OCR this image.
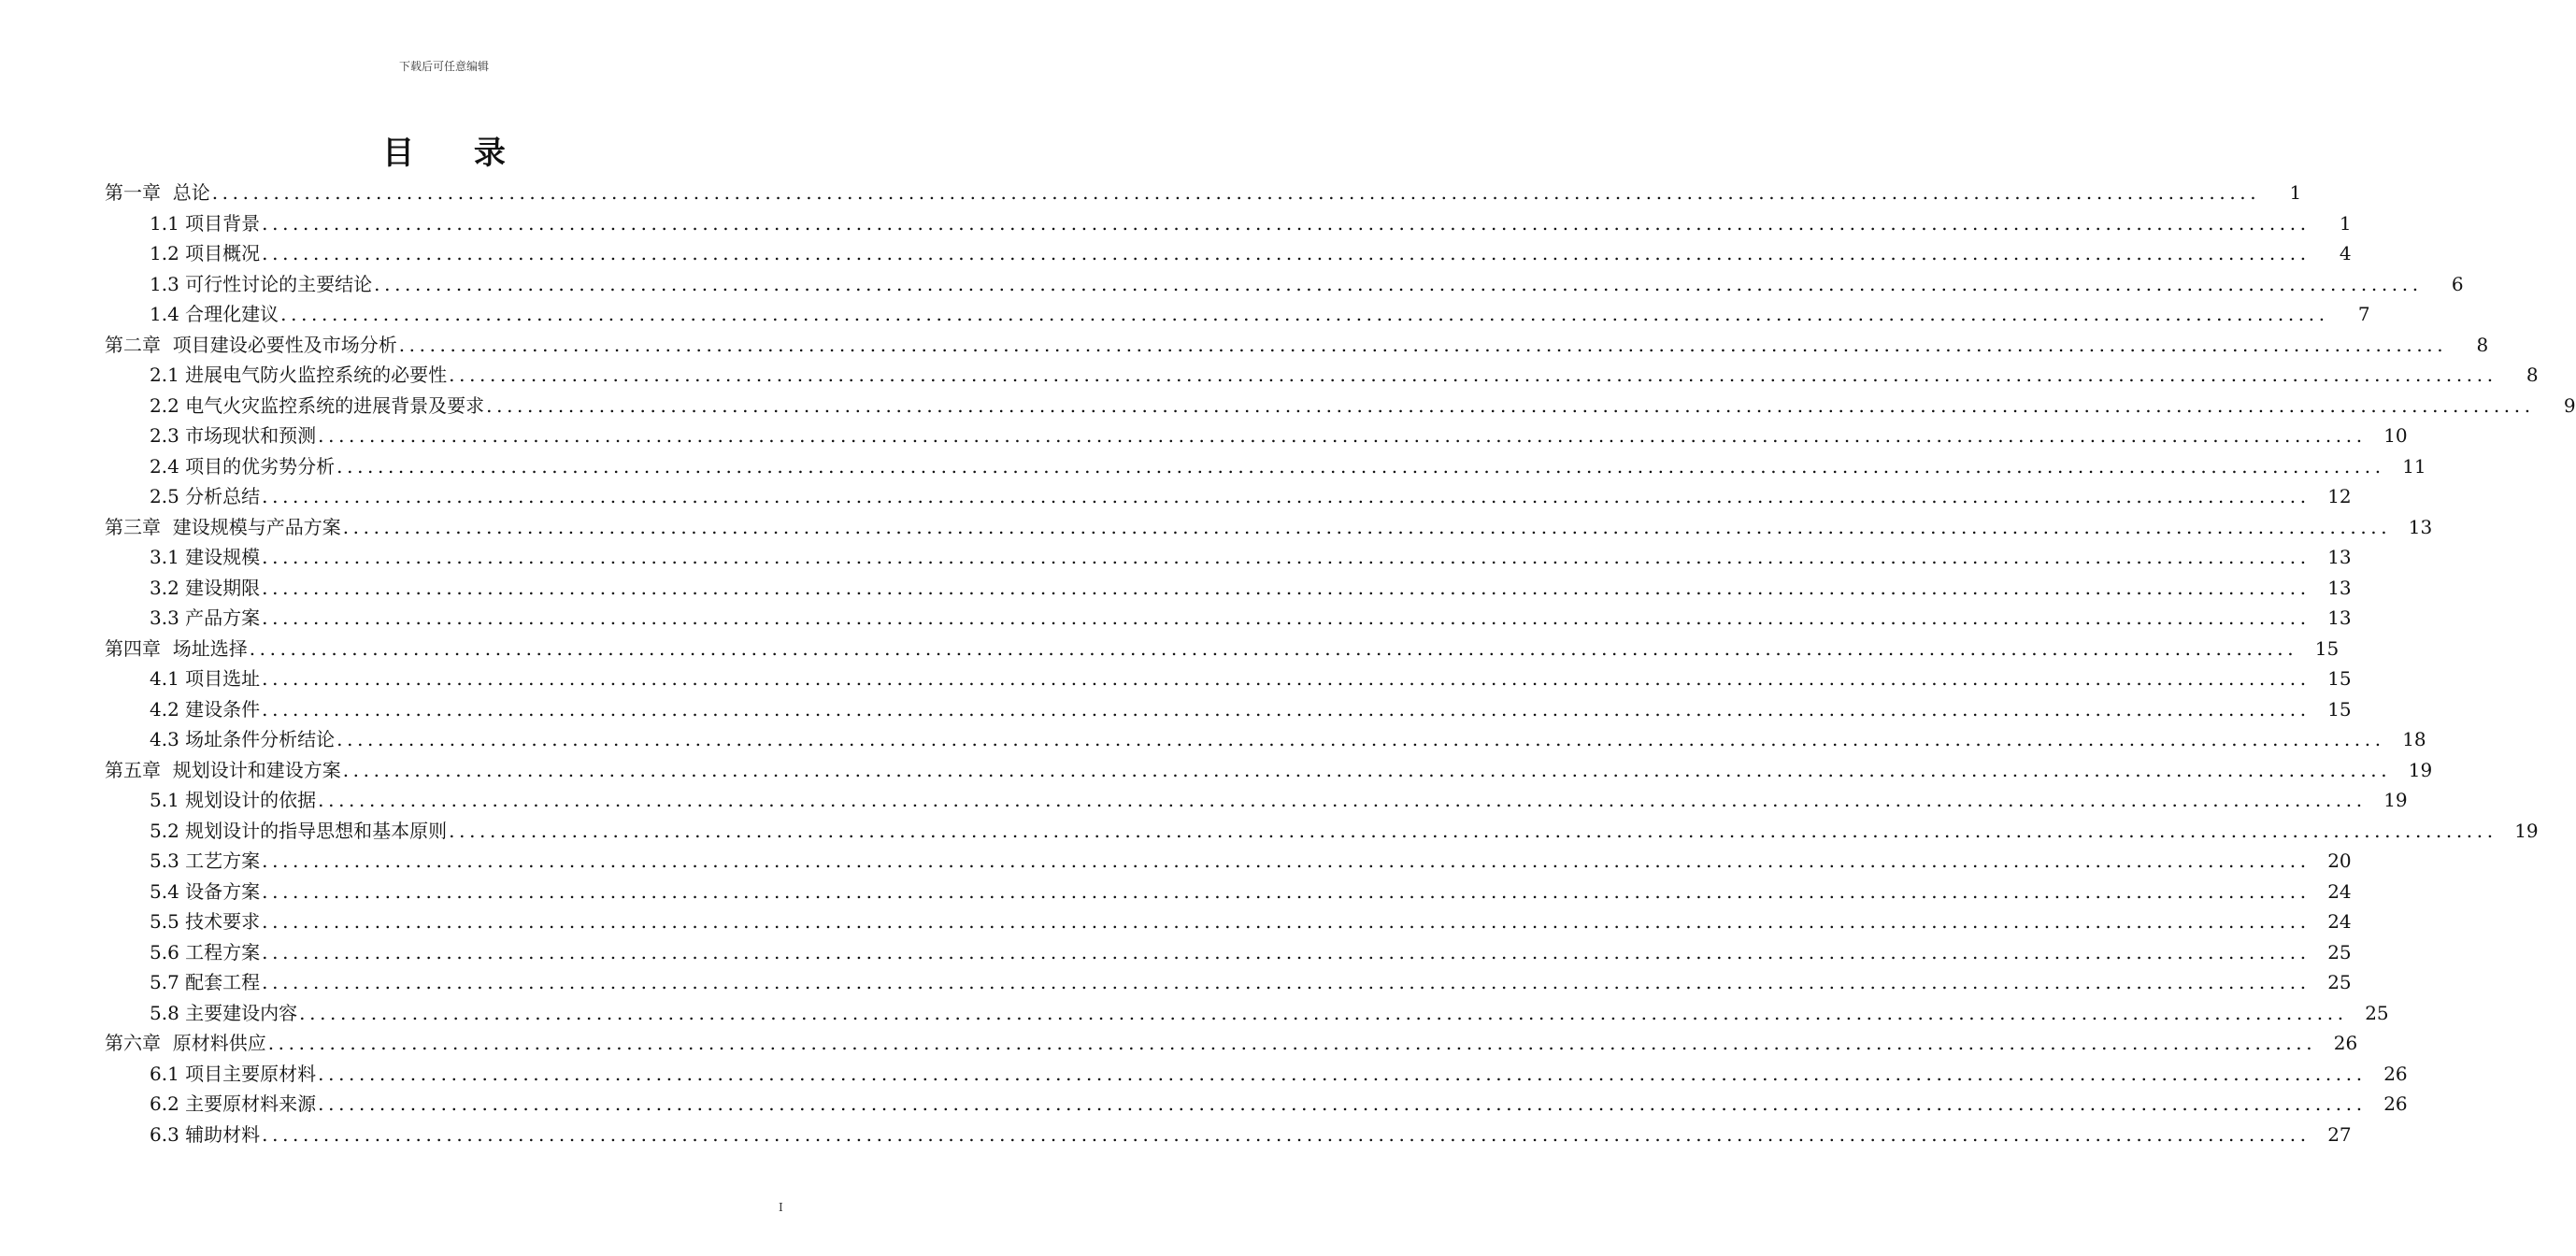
下载后可任意编辑
目 录
第一章  总论 ........................................................................................................................................................................................................	1
1.1 项目背景 ........................................................................................................................................................................................................	1
1.2 项目概况 ........................................................................................................................................................................................................	4
1.3 可行性讨论的主要结论 ........................................................................................................................................................................................................	6
1.4 合理化建议 ........................................................................................................................................................................................................	7
第二章  项目建设必要性及市场分析 ........................................................................................................................................................................................................	8
2.1 进展电气防火监控系统的必要性 ........................................................................................................................................................................................................	8
2.2 电气火灾监控系统的进展背景及要求 ........................................................................................................................................................................................................	9
2.3 市场现状和预测 ........................................................................................................................................................................................................ 10
2.4 项目的优劣势分析 ........................................................................................................................................................................................................ 11
2.5 分析总结 ........................................................................................................................................................................................................ 12
第三章  建设规模与产品方案 ........................................................................................................................................................................................................ 13
3.1 建设规模 ........................................................................................................................................................................................................ 13
3.2 建设期限 ........................................................................................................................................................................................................ 13
3.3 产品方案 ........................................................................................................................................................................................................ 13
第四章  场址选择 ........................................................................................................................................................................................................ 15
4.1 项目选址 ........................................................................................................................................................................................................ 15
4.2 建设条件 ........................................................................................................................................................................................................ 15
4.3 场址条件分析结论 ........................................................................................................................................................................................................ 18
第五章  规划设计和建设方案 ........................................................................................................................................................................................................ 19
5.1 规划设计的依据 ........................................................................................................................................................................................................ 19
5.2 规划设计的指导思想和基本原则 ........................................................................................................................................................................................................ 19
5.3 工艺方案 ........................................................................................................................................................................................................ 20
5.4 设备方案 ........................................................................................................................................................................................................ 24
5.5 技术要求 ........................................................................................................................................................................................................ 24
5.6 工程方案 ........................................................................................................................................................................................................ 25
5.7 配套工程 ........................................................................................................................................................................................................ 25
5.8 主要建设内容 ........................................................................................................................................................................................................ 25
第六章  原材料供应 ........................................................................................................................................................................................................ 26
6.1 项目主要原材料 ........................................................................................................................................................................................................ 26
6.2 主要原材料来源 ........................................................................................................................................................................................................ 26
6.3 辅助材料 ........................................................................................................................................................................................................ 27
I
